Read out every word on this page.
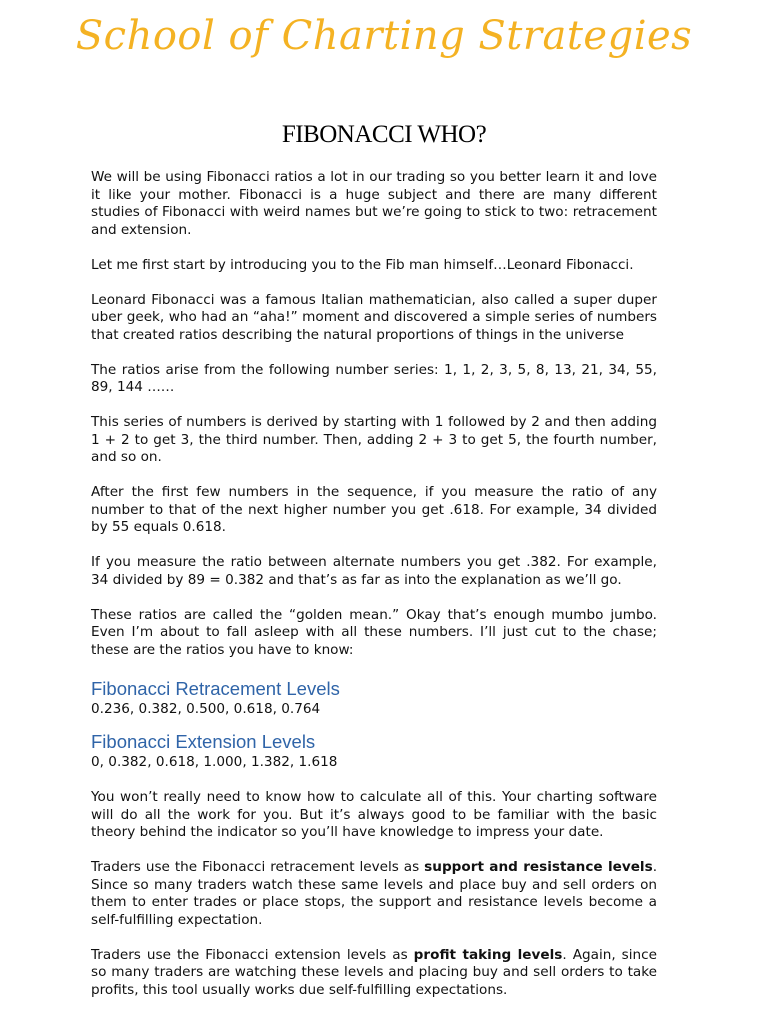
School of Charting Strategies
FIBONACCI WHO?

We will be using Fibonacci ratios a lot in our trading so you better learn it and love it like your mother. Fibonacci is a huge subject and there are many different studies of Fibonacci with weird names but we’re going to stick to two: retracement and extension.

Let me first start by introducing you to the Fib man himself…Leonard Fibonacci.

Leonard Fibonacci was a famous Italian mathematician, also called a super duper uber geek, who had an “aha!” moment and discovered a simple series of numbers that created ratios describing the natural proportions of things in the universe

The ratios arise from the following number series: 1, 1, 2, 3, 5, 8, 13, 21, 34, 55, 89, 144 ……

This series of numbers is derived by starting with 1 followed by 2 and then adding 1 + 2 to get 3, the third number. Then, adding 2 + 3 to get 5, the fourth number, and so on.

After the first few numbers in the sequence, if you measure the ratio of any number to that of the next higher number you get .618. For example, 34 divided by 55 equals 0.618.

If you measure the ratio between alternate numbers you get .382. For example, 34 divided by 89 = 0.382 and that’s as far as into the explanation as we’ll go.

These ratios are called the “golden mean.” Okay that’s enough mumbo jumbo. Even I’m about to fall asleep with all these numbers. I’ll just cut to the chase; these are the ratios you have to know:

Fibonacci Retracement Levels
0.236, 0.382, 0.500, 0.618, 0.764
Fibonacci Extension Levels
0, 0.382, 0.618, 1.000, 1.382, 1.618

You won’t really need to know how to calculate all of this. Your charting software will do all the work for you. But it’s always good to be familiar with the basic theory behind the indicator so you’ll have knowledge to impress your date.

Traders use the Fibonacci retracement levels as support and resistance levels. Since so many traders watch these same levels and place buy and sell orders on them to enter trades or place stops, the support and resistance levels become a self-fulfilling expectation.

Traders use the Fibonacci extension levels as profit taking levels. Again, since so many traders are watching these levels and placing buy and sell orders to take profits, this tool usually works due self-fulfilling expectations.
